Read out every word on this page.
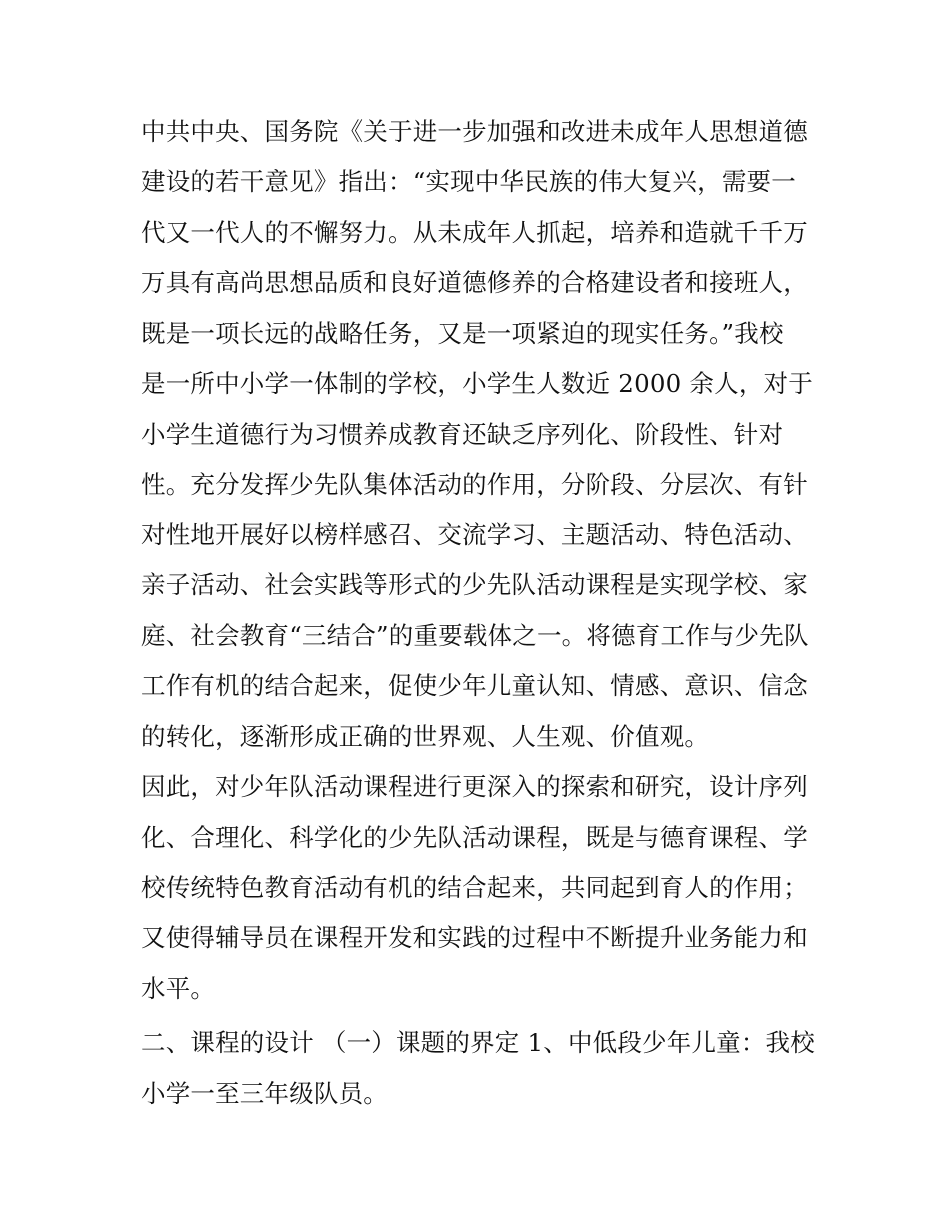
中共中央、国务院《关于进一步加强和改进未成年人思想道德
建设的若干意见》指出：“实现中华民族的伟大复兴，需要一
代又一代人的不懈努力。从未成年人抓起，培养和造就千千万
万具有高尚思想品质和良好道德修养的合格建设者和接班人，
既是一项长远的战略任务，又是一项紧迫的现实任务。”我校
是一所中小学一体制的学校，小学生人数近 2000 余人，对于
小学生道德行为习惯养成教育还缺乏序列化、阶段性、针对
性。充分发挥少先队集体活动的作用，分阶段、分层次、有针
对性地开展好以榜样感召、交流学习、主题活动、特色活动、
亲子活动、社会实践等形式的少先队活动课程是实现学校、家
庭、社会教育“三结合”的重要载体之一。将德育工作与少先队
工作有机的结合起来，促使少年儿童认知、情感、意识、信念
的转化，逐渐形成正确的世界观、人生观、价值观。
因此，对少年队活动课程进行更深入的探索和研究，设计序列
化、合理化、科学化的少先队活动课程，既是与德育课程、学
校传统特色教育活动有机的结合起来，共同起到育人的作用；
又使得辅导员在课程开发和实践的过程中不断提升业务能力和
水平。
二、课程的设计 （一）课题的界定 1、中低段少年儿童：我校
小学一至三年级队员。
